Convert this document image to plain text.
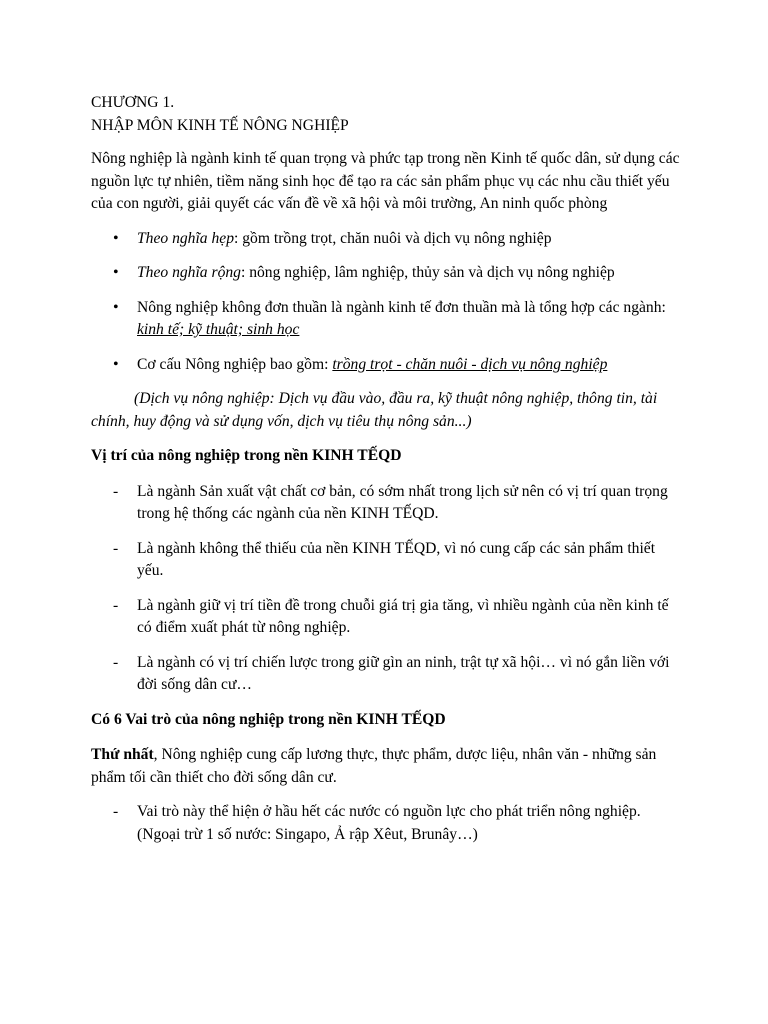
CHƯƠNG 1.

NHẬP MÔN KINH TẾ NÔNG NGHIỆP

Nông nghiệp là ngành kinh tế quan trọng và phức tạp trong nền Kinh tế quốc dân, sử dụng các nguồn lực tự nhiên, tiềm năng sinh học để tạo ra các sản phẩm phục vụ các nhu cầu thiết yếu của con người, giải quyết các vấn đề về xã hội và môi trường, An ninh quốc phòng

• Theo nghĩa hẹp: gồm trồng trọt, chăn nuôi và dịch vụ nông nghiệp
• Theo nghĩa rộng: nông nghiệp, lâm nghiệp, thủy sản và dịch vụ nông nghiệp
• Nông nghiệp không đơn thuần là ngành kinh tế đơn thuần mà là tổng hợp các ngành: kinh tế; kỹ thuật; sinh học
• Cơ cấu Nông nghiệp bao gồm: trồng trọt - chăn nuôi - dịch vụ nông nghiệp

(Dịch vụ nông nghiệp: Dịch vụ đầu vào, đầu ra, kỹ thuật nông nghiệp, thông tin, tài chính, huy động và sử dụng vốn, dịch vụ tiêu thụ nông sản...)

Vị trí của nông nghiệp trong nền KINH TẾQD

- Là ngành Sản xuất vật chất cơ bản, có sớm nhất trong lịch sử nên có vị trí quan trọng trong hệ thống các ngành của nền KINH TẾQD.
- Là ngành không thể thiếu của nền KINH TẾQD, vì nó cung cấp các sản phẩm thiết yếu.
- Là ngành giữ vị trí tiền đề trong chuỗi giá trị gia tăng, vì nhiều ngành của nền kinh tế có điểm xuất phát từ nông nghiệp.
- Là ngành có vị trí chiến lược trong giữ gìn an ninh, trật tự xã hội… vì nó gắn liền với đời sống dân cư…

Có 6 Vai trò của nông nghiệp trong nền KINH TẾQD

Thứ nhất, Nông nghiệp cung cấp lương thực, thực phẩm, dược liệu, nhân văn - những sản phẩm tối cần thiết cho đời sống dân cư.

- Vai trò này thể hiện ở hầu hết các nước có nguồn lực cho phát triển nông nghiệp. (Ngoại trừ 1 số nước: Singapo, Ả rập Xêut, Brunây…)
